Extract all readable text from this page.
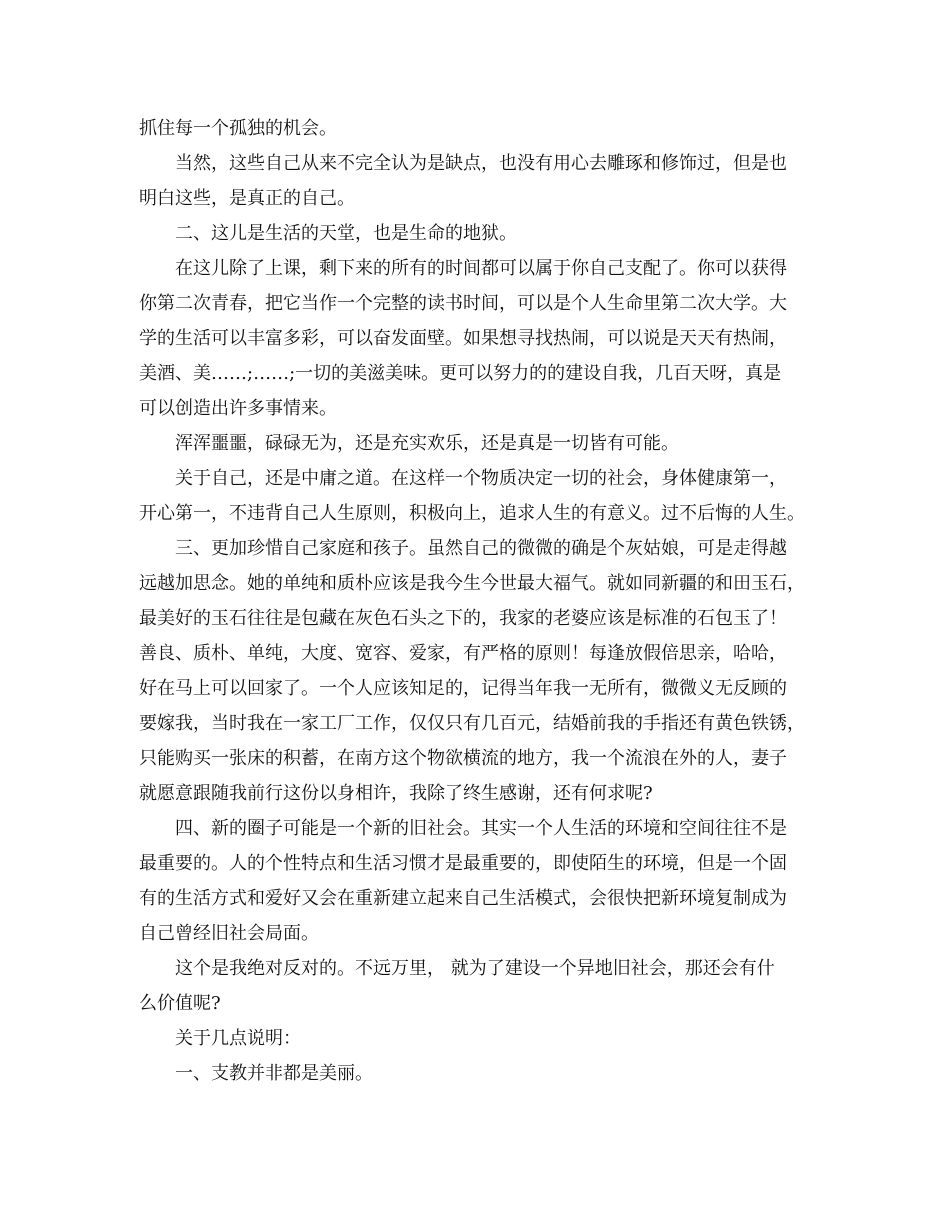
抓住每一个孤独的机会。

当然，这些自己从来不完全认为是缺点，也没有用心去雕琢和修饰过，但是也
明白这些，是真正的自己。

二、这儿是生活的天堂，也是生命的地狱。

在这儿除了上课，剩下来的所有的时间都可以属于你自己支配了。你可以获得
你第二次青春，把它当作一个完整的读书时间，可以是个人生命里第二次大学。大
学的生活可以丰富多彩，可以奋发面壁。如果想寻找热闹，可以说是天天有热闹，
美酒、美……;……;一切的美滋美味。更可以努力的的建设自我，几百天呀，真是
可以创造出许多事情来。

浑浑噩噩，碌碌无为，还是充实欢乐，还是真是一切皆有可能。

关于自己，还是中庸之道。在这样一个物质决定一切的社会，身体健康第一，
开心第一，不违背自己人生原则，积极向上，追求人生的有意义。过不后悔的人生。

三、更加珍惜自己家庭和孩子。虽然自己的微微的确是个灰姑娘，可是走得越
远越加思念。她的单纯和质朴应该是我今生今世最大福气。就如同新疆的和田玉石，
最美好的玉石往往是包藏在灰色石头之下的，我家的老婆应该是标准的石包玉了！
善良、质朴、单纯，大度、宽容、爱家，有严格的原则！每逢放假倍思亲，哈哈，
好在马上可以回家了。一个人应该知足的，记得当年我一无所有，微微义无反顾的
要嫁我，当时我在一家工厂工作，仅仅只有几百元，结婚前我的手指还有黄色铁锈，
只能购买一张床的积蓄，在南方这个物欲横流的地方，我一个流浪在外的人，妻子
就愿意跟随我前行这份以身相许，我除了终生感谢，还有何求呢?

四、新的圈子可能是一个新的旧社会。其实一个人生活的环境和空间往往不是
最重要的。人的个性特点和生活习惯才是最重要的，即使陌生的环境，但是一个固
有的生活方式和爱好又会在重新建立起来自己生活模式，会很快把新环境复制成为
自己曾经旧社会局面。

这个是我绝对反对的。不远万里， 就为了建设一个异地旧社会，那还会有什
么价值呢?

关于几点说明：

一、支教并非都是美丽。
